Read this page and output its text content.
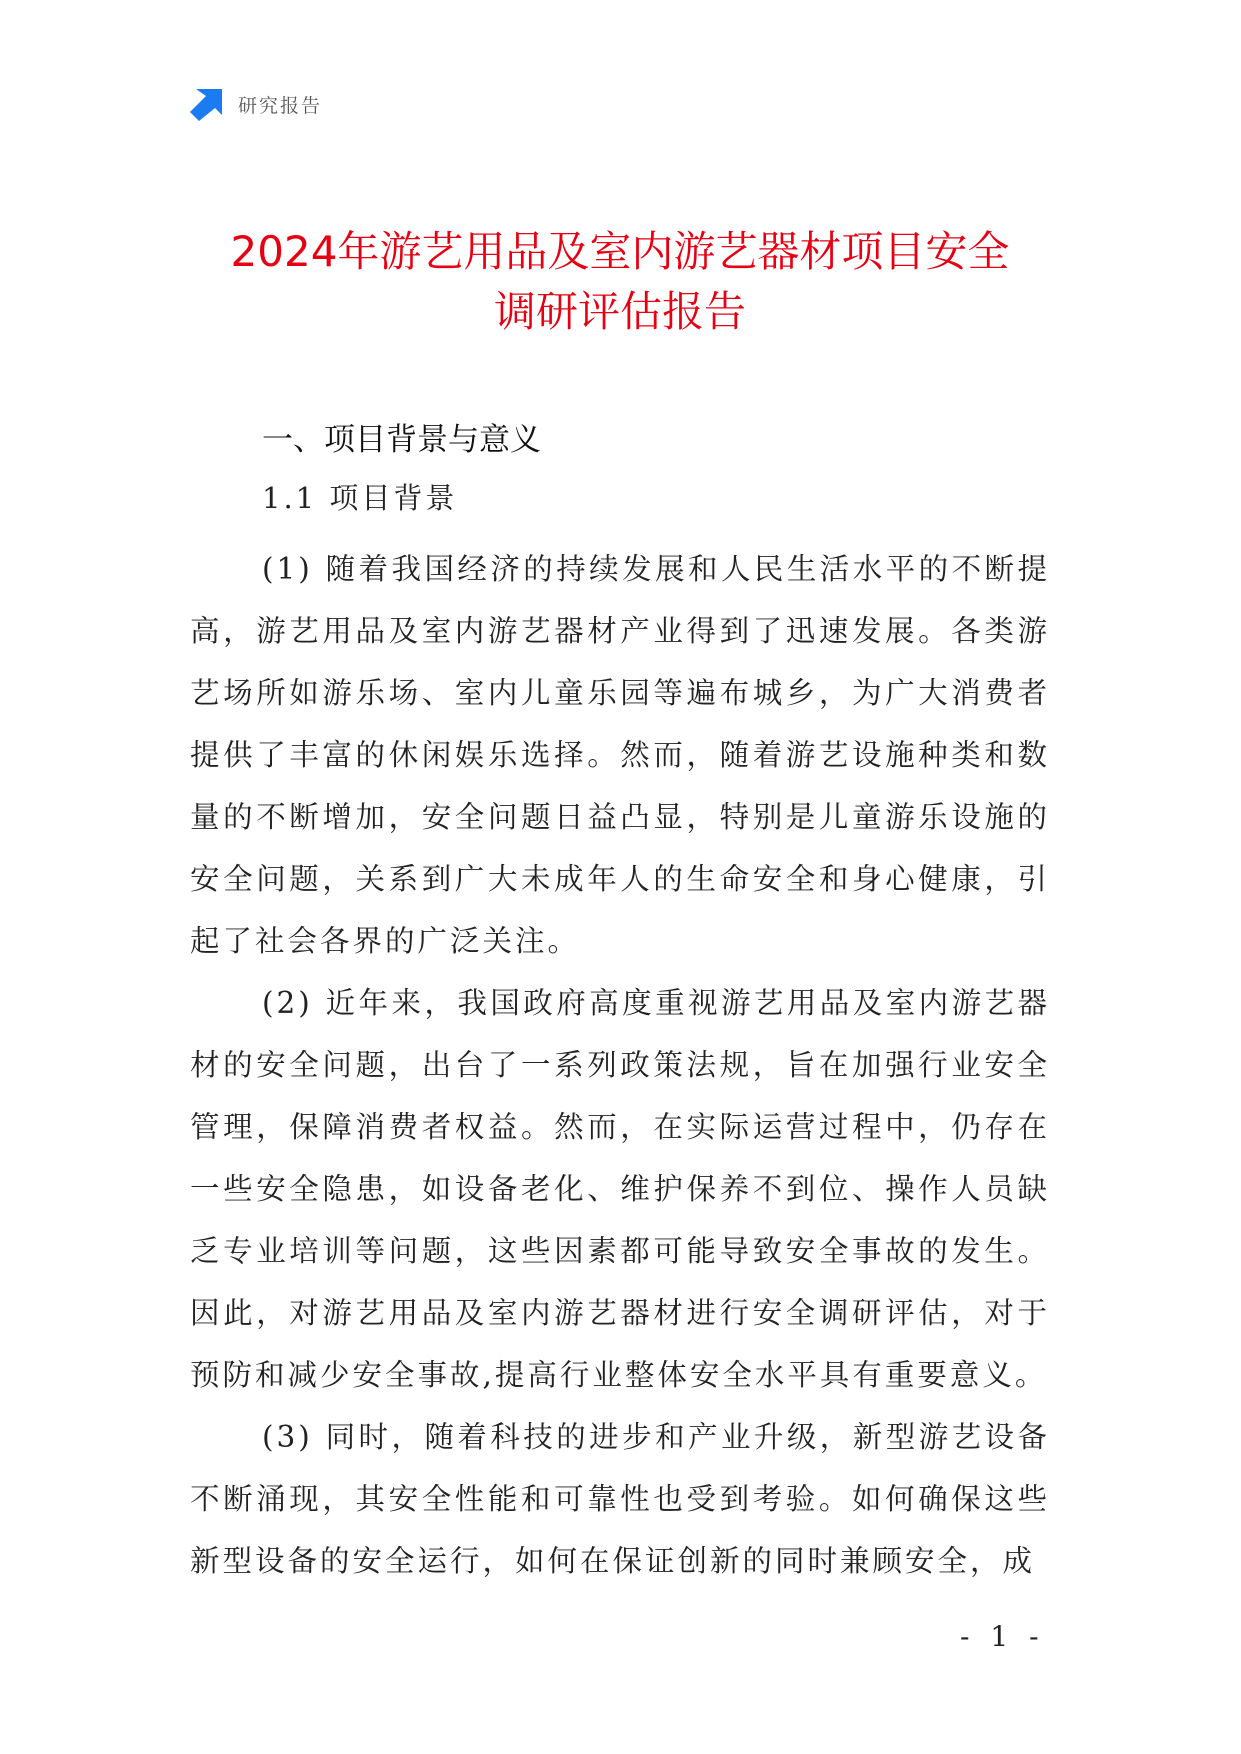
研究报告
2024年游艺用品及室内游艺器材项目安全
调研评估报告
一、项目背景与意义
1.1 项目背景

(1) 随着我国经济的持续发展和人民生活水平的不断提高，游艺用品及室内游艺器材产业得到了迅速发展。各类游艺场所如游乐场、室内儿童乐园等遍布城乡，为广大消费者提供了丰富的休闲娱乐选择。然而，随着游艺设施种类和数量的不断增加，安全问题日益凸显，特别是儿童游乐设施的安全问题，关系到广大未成年人的生命安全和身心健康，引起了社会各界的广泛关注。

(2) 近年来，我国政府高度重视游艺用品及室内游艺器材的安全问题，出台了一系列政策法规，旨在加强行业安全管理，保障消费者权益。然而，在实际运营过程中，仍存在一些安全隐患，如设备老化、维护保养不到位、操作人员缺乏专业培训等问题，这些因素都可能导致安全事故的发生。因此，对游艺用品及室内游艺器材进行安全调研评估，对于预防和减少安全事故,提高行业整体安全水平具有重要意义。

(3) 同时，随着科技的进步和产业升级，新型游艺设备不断涌现，其安全性能和可靠性也受到考验。如何确保这些新型设备的安全运行，如何在保证创新的同时兼顾安全，成

- 1 -
